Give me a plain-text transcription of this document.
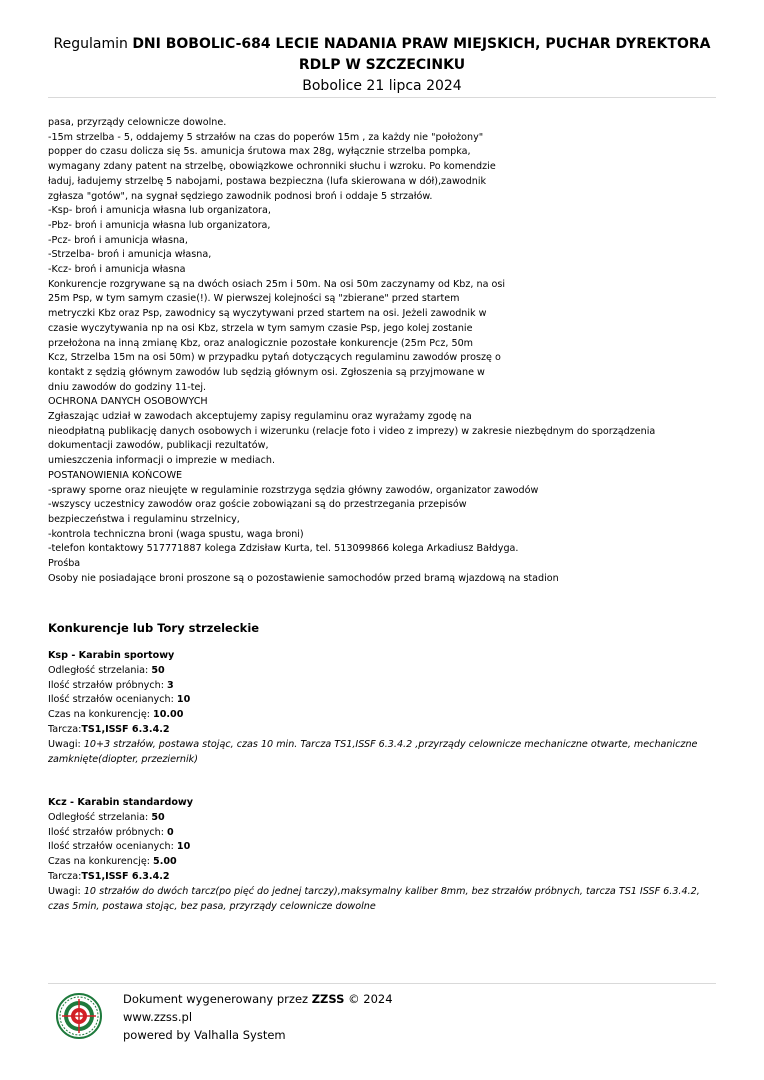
Regulamin DNI BOBOLIC-684 LECIE NADANIA PRAW MIEJSKICH, PUCHAR DYREKTORA
RDLP W SZCZECINKU
Bobolice 21 lipca 2024
pasa, przyrządy celownicze dowolne.
-15m strzelba - 5, oddajemy 5 strzałów na czas do poperów 15m , za każdy nie "położony"
popper do czasu dolicza się 5s. amunicja śrutowa max 28g, wyłącznie strzelba pompka,
wymagany zdany patent na strzelbę, obowiązkowe ochronniki słuchu i wzroku. Po komendzie
ładuj, ładujemy strzelbę 5 nabojami, postawa bezpieczna (lufa skierowana w dół),zawodnik
zgłasza "gotów", na sygnał sędziego zawodnik podnosi broń i oddaje 5 strzałów.
-Ksp- broń i amunicja własna lub organizatora,
-Pbz- broń i amunicja własna lub organizatora,
-Pcz- broń i amunicja własna,
-Strzelba- broń i amunicja własna,
-Kcz- broń i amunicja własna
Konkurencje rozgrywane są na dwóch osiach 25m i 50m. Na osi 50m zaczynamy od Kbz, na osi
25m Psp, w tym samym czasie(!). W pierwszej kolejności są "zbierane" przed startem
metryczki Kbz oraz Psp, zawodnicy są wyczytywani przed startem na osi. Jeżeli zawodnik w
czasie wyczytywania np na osi Kbz, strzela w tym samym czasie Psp, jego kolej zostanie
przełożona na inną zmianę Kbz, oraz analogicznie pozostałe konkurencje (25m Pcz, 50m
Kcz, Strzelba 15m na osi 50m) w przypadku pytań dotyczących regulaminu zawodów proszę o
kontakt z sędzią głównym zawodów lub sędzią głównym osi. Zgłoszenia są przyjmowane w
dniu zawodów do godziny 11-tej.
OCHRONA DANYCH OSOBOWYCH
Zgłaszając udział w zawodach akceptujemy zapisy regulaminu oraz wyrażamy zgodę na
nieodpłatną publikację danych osobowych i wizerunku (relacje foto i video z imprezy) w zakresie niezbędnym do sporządzenia
dokumentacji zawodów, publikacji rezultatów,
umieszczenia informacji o imprezie w mediach.
POSTANOWIENIA KOŃCOWE
-sprawy sporne oraz nieujęte w regulaminie rozstrzyga sędzia główny zawodów, organizator zawodów
-wszyscy uczestnicy zawodów oraz goście zobowiązani są do przestrzegania przepisów
bezpieczeństwa i regulaminu strzelnicy,
-kontrola techniczna broni (waga spustu, waga broni)
-telefon kontaktowy 517771887 kolega Zdzisław Kurta, tel. 513099866 kolega Arkadiusz Bałdyga.
Prośba
Osoby nie posiadające broni proszone są o pozostawienie samochodów przed bramą wjazdową na stadion
Konkurencje lub Tory strzeleckie
Ksp - Karabin sportowy
Odległość strzelania: 50
Ilość strzałów próbnych: 3
Ilość strzałów ocenianych: 10
Czas na konkurencję: 10.00
Tarcza:TS1,ISSF 6.3.4.2
Uwagi: 10+3 strzałów, postawa stojąc, czas 10 min. Tarcza TS1,ISSF 6.3.4.2 ,przyrządy celownicze mechaniczne otwarte, mechaniczne
zamknięte(diopter, przeziernik)
Kcz - Karabin standardowy
Odległość strzelania: 50
Ilość strzałów próbnych: 0
Ilość strzałów ocenianych: 10
Czas na konkurencję: 5.00
Tarcza:TS1,ISSF 6.3.4.2
Uwagi: 10 strzałów do dwóch tarcz(po pięć do jednej tarczy),maksymalny kaliber 8mm, bez strzałów próbnych, tarcza TS1 ISSF 6.3.4.2,
czas 5min, postawa stojąc, bez pasa, przyrządy celownicze dowolne
Dokument wygenerowany przez ZZSS © 2024
www.zzss.pl
powered by Valhalla System
